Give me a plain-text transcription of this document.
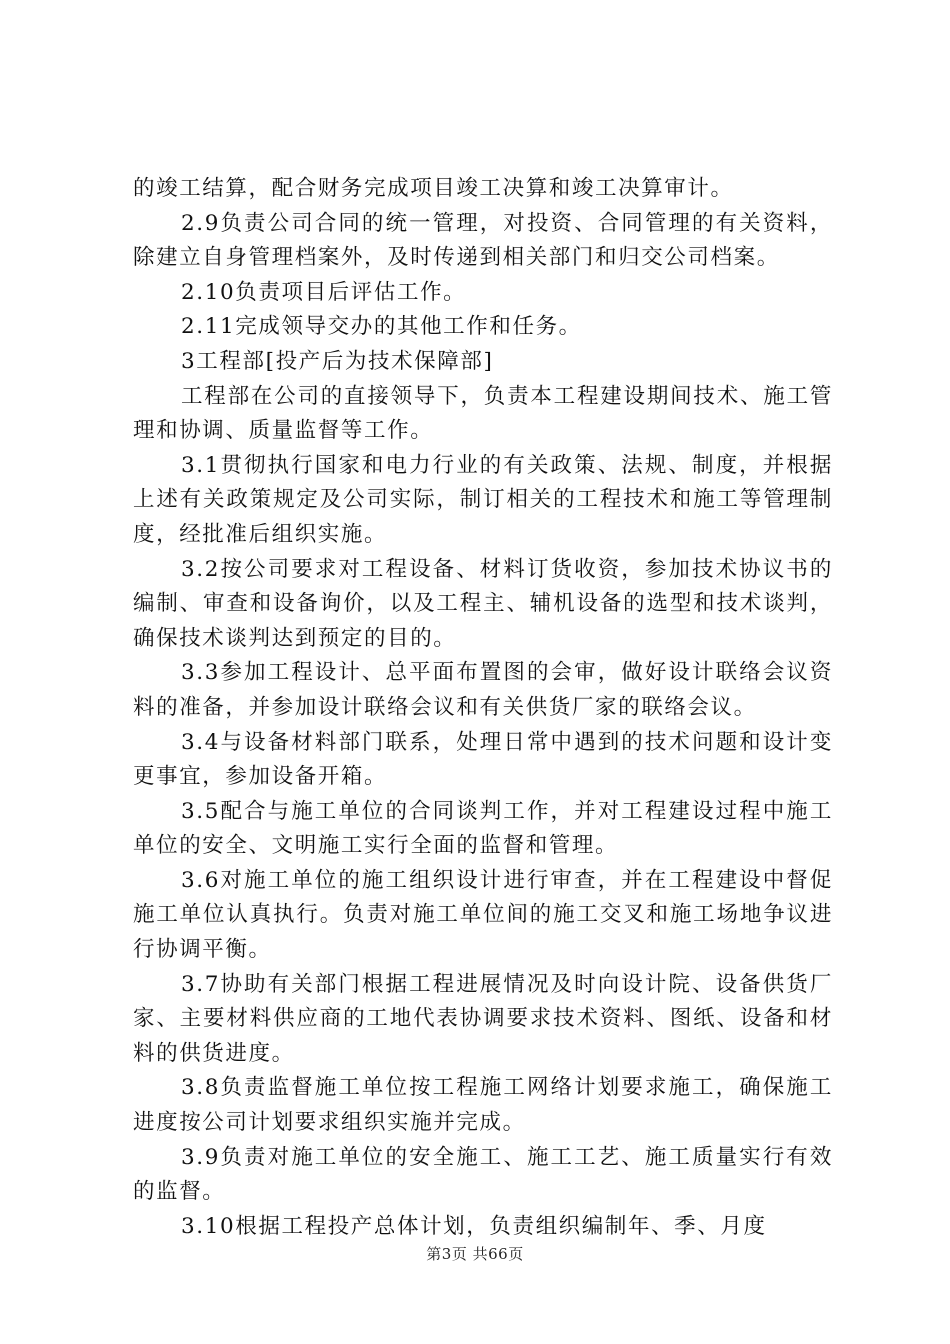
的竣工结算，配合财务完成项目竣工决算和竣工决算审计。

2.9负责公司合同的统一管理，对投资、合同管理的有关资料，除建立自身管理档案外，及时传递到相关部门和归交公司档案。

2.10负责项目后评估工作。

2.11完成领导交办的其他工作和任务。

3工程部[投产后为技术保障部]

工程部在公司的直接领导下，负责本工程建设期间技术、施工管理和协调、质量监督等工作。

3.1贯彻执行国家和电力行业的有关政策、法规、制度，并根据上述有关政策规定及公司实际，制订相关的工程技术和施工等管理制度，经批准后组织实施。

3.2按公司要求对工程设备、材料订货收资，参加技术协议书的编制、审查和设备询价，以及工程主、辅机设备的选型和技术谈判，确保技术谈判达到预定的目的。

3.3参加工程设计、总平面布置图的会审，做好设计联络会议资料的准备，并参加设计联络会议和有关供货厂家的联络会议。

3.4与设备材料部门联系，处理日常中遇到的技术问题和设计变更事宜，参加设备开箱。

3.5配合与施工单位的合同谈判工作，并对工程建设过程中施工单位的安全、文明施工实行全面的监督和管理。

3.6对施工单位的施工组织设计进行审查，并在工程建设中督促施工单位认真执行。负责对施工单位间的施工交叉和施工场地争议进行协调平衡。

3.7协助有关部门根据工程进展情况及时向设计院、设备供货厂家、主要材料供应商的工地代表协调要求技术资料、图纸、设备和材料的供货进度。

3.8负责监督施工单位按工程施工网络计划要求施工，确保施工进度按公司计划要求组织实施并完成。

3.9负责对施工单位的安全施工、施工工艺、施工质量实行有效的监督。

3.10根据工程投产总体计划，负责组织编制年、季、月度

第3页 共66页
